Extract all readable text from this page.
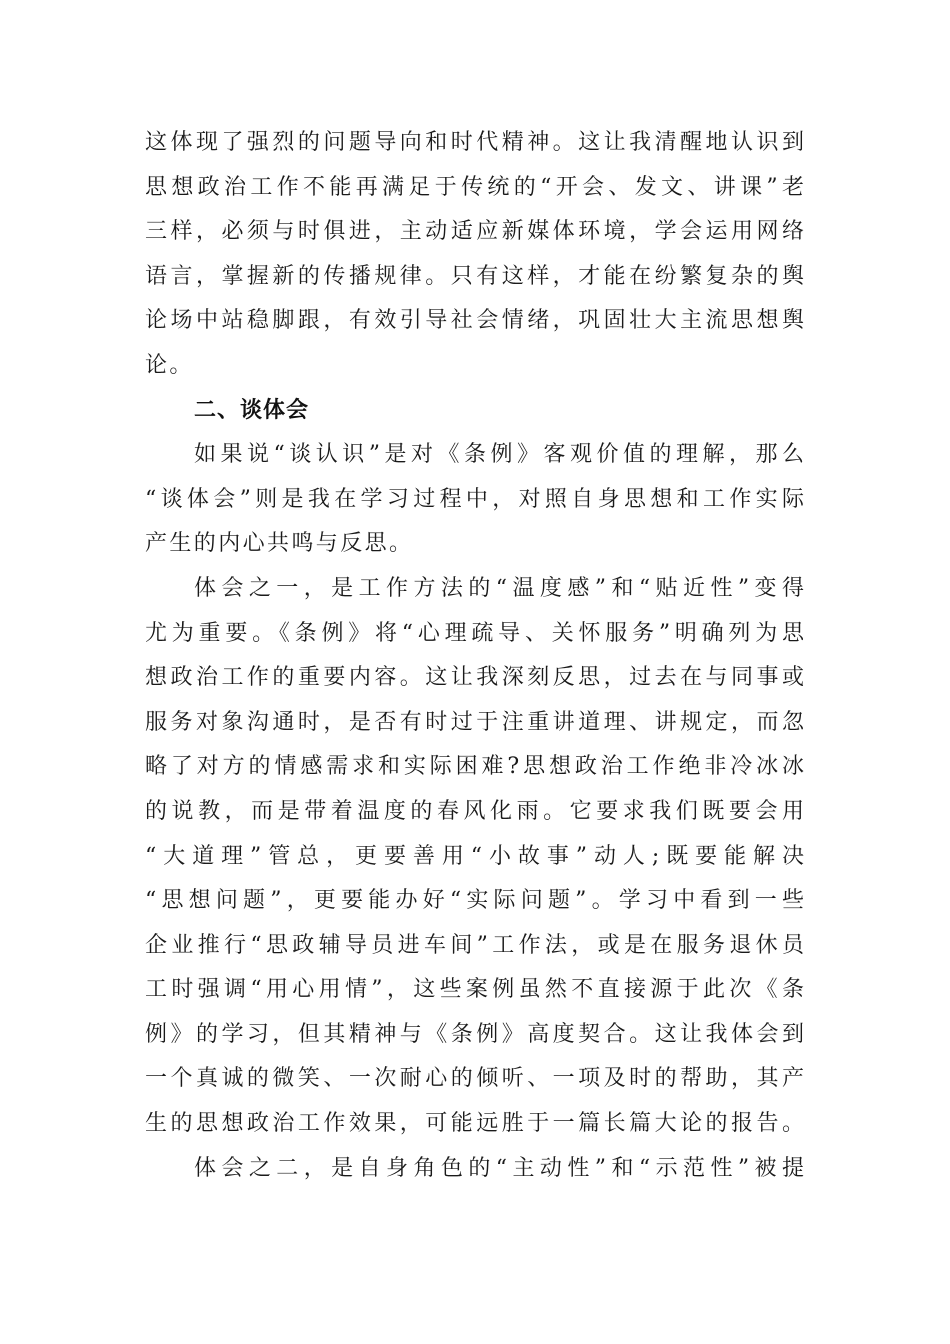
这体现了强烈的问题导向和时代精神。这让我清醒地认识到
思想政治工作不能再满足于传统的“开会、发文、讲课”老
三样，必须与时俱进，主动适应新媒体环境，学会运用网络
语言，掌握新的传播规律。只有这样，才能在纷繁复杂的舆
论场中站稳脚跟，有效引导社会情绪，巩固壮大主流思想舆
论。
二、谈体会
如果说“谈认识”是对《条例》客观价值的理解，那么
“谈体会”则是我在学习过程中，对照自身思想和工作实际
产生的内心共鸣与反思。
体会之一，是工作方法的“温度感”和“贴近性”变得
尤为重要。《条例》将“心理疏导、关怀服务”明确列为思
想政治工作的重要内容。这让我深刻反思，过去在与同事或
服务对象沟通时，是否有时过于注重讲道理、讲规定，而忽
略了对方的情感需求和实际困难?思想政治工作绝非冷冰冰
的说教，而是带着温度的春风化雨。它要求我们既要会用
“大道理”管总，更要善用“小故事”动人;既要能解决
“思想问题”，更要能办好“实际问题”。学习中看到一些
企业推行“思政辅导员进车间”工作法，或是在服务退休员
工时强调“用心用情”，这些案例虽然不直接源于此次《条
例》的学习，但其精神与《条例》高度契合。这让我体会到
一个真诚的微笑、一次耐心的倾听、一项及时的帮助，其产
生的思想政治工作效果，可能远胜于一篇长篇大论的报告。
体会之二，是自身角色的“主动性”和“示范性”被提
